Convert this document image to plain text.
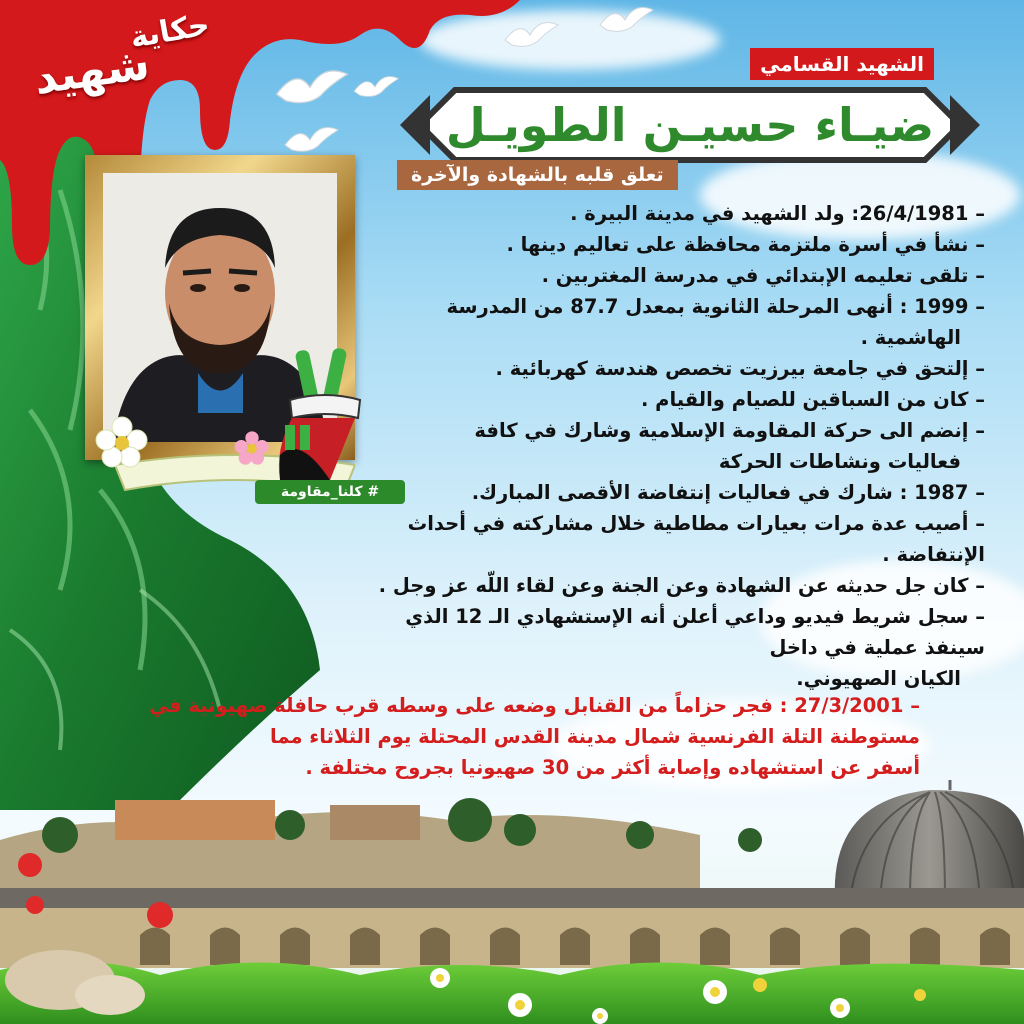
حكاية
شهيد	الشهيد القسامي
ضيـاء حسيـن الطويـل
تعلق قلبه بالشهادة والآخرة
# كلنا_مقاومة
– 26/4/1981: ولد الشهيد في مدينة البيرة .
– نشأ في أسرة ملتزمة محافظة على تعاليم دينها .
– تلقى تعليمه الإبتدائي في مدرسة المغتربين .
– 1999 : أنهى المرحلة الثانوية بمعدل 87.7 من المدرسة
الهاشمية .
– إلتحق في جامعة بيرزيت تخصص هندسة كهربائية .
– كان من السباقين للصيام والقيام .
– إنضم الى حركة المقاومة الإسلامية وشارك في كافة
فعاليات ونشاطات الحركة
– 1987 : شارك في فعاليات إنتفاضة الأقصى المبارك.
– أصيب عدة مرات بعيارات مطاطية خلال مشاركته في أحداث الإنتفاضة .
– كان جل حديثه عن الشهادة وعن الجنة وعن لقاء اللّه عز وجل .
– سجل شريط فيديو وداعي أعلن أنه الإستشهادي الـ 12 الذي سينفذ عملية في داخل
الكيان الصهيوني.

– 27/3/2001 : فجر حزاماً من القنابل وضعه على وسطه قرب حافلة صهيونية في

مستوطنة التلة الفرنسية شمال مدينة القدس المحتلة يوم الثلاثاء مما

أسفر عن استشهاده وإصابة أكثر من 30 صهيونيا بجروح مختلفة .
